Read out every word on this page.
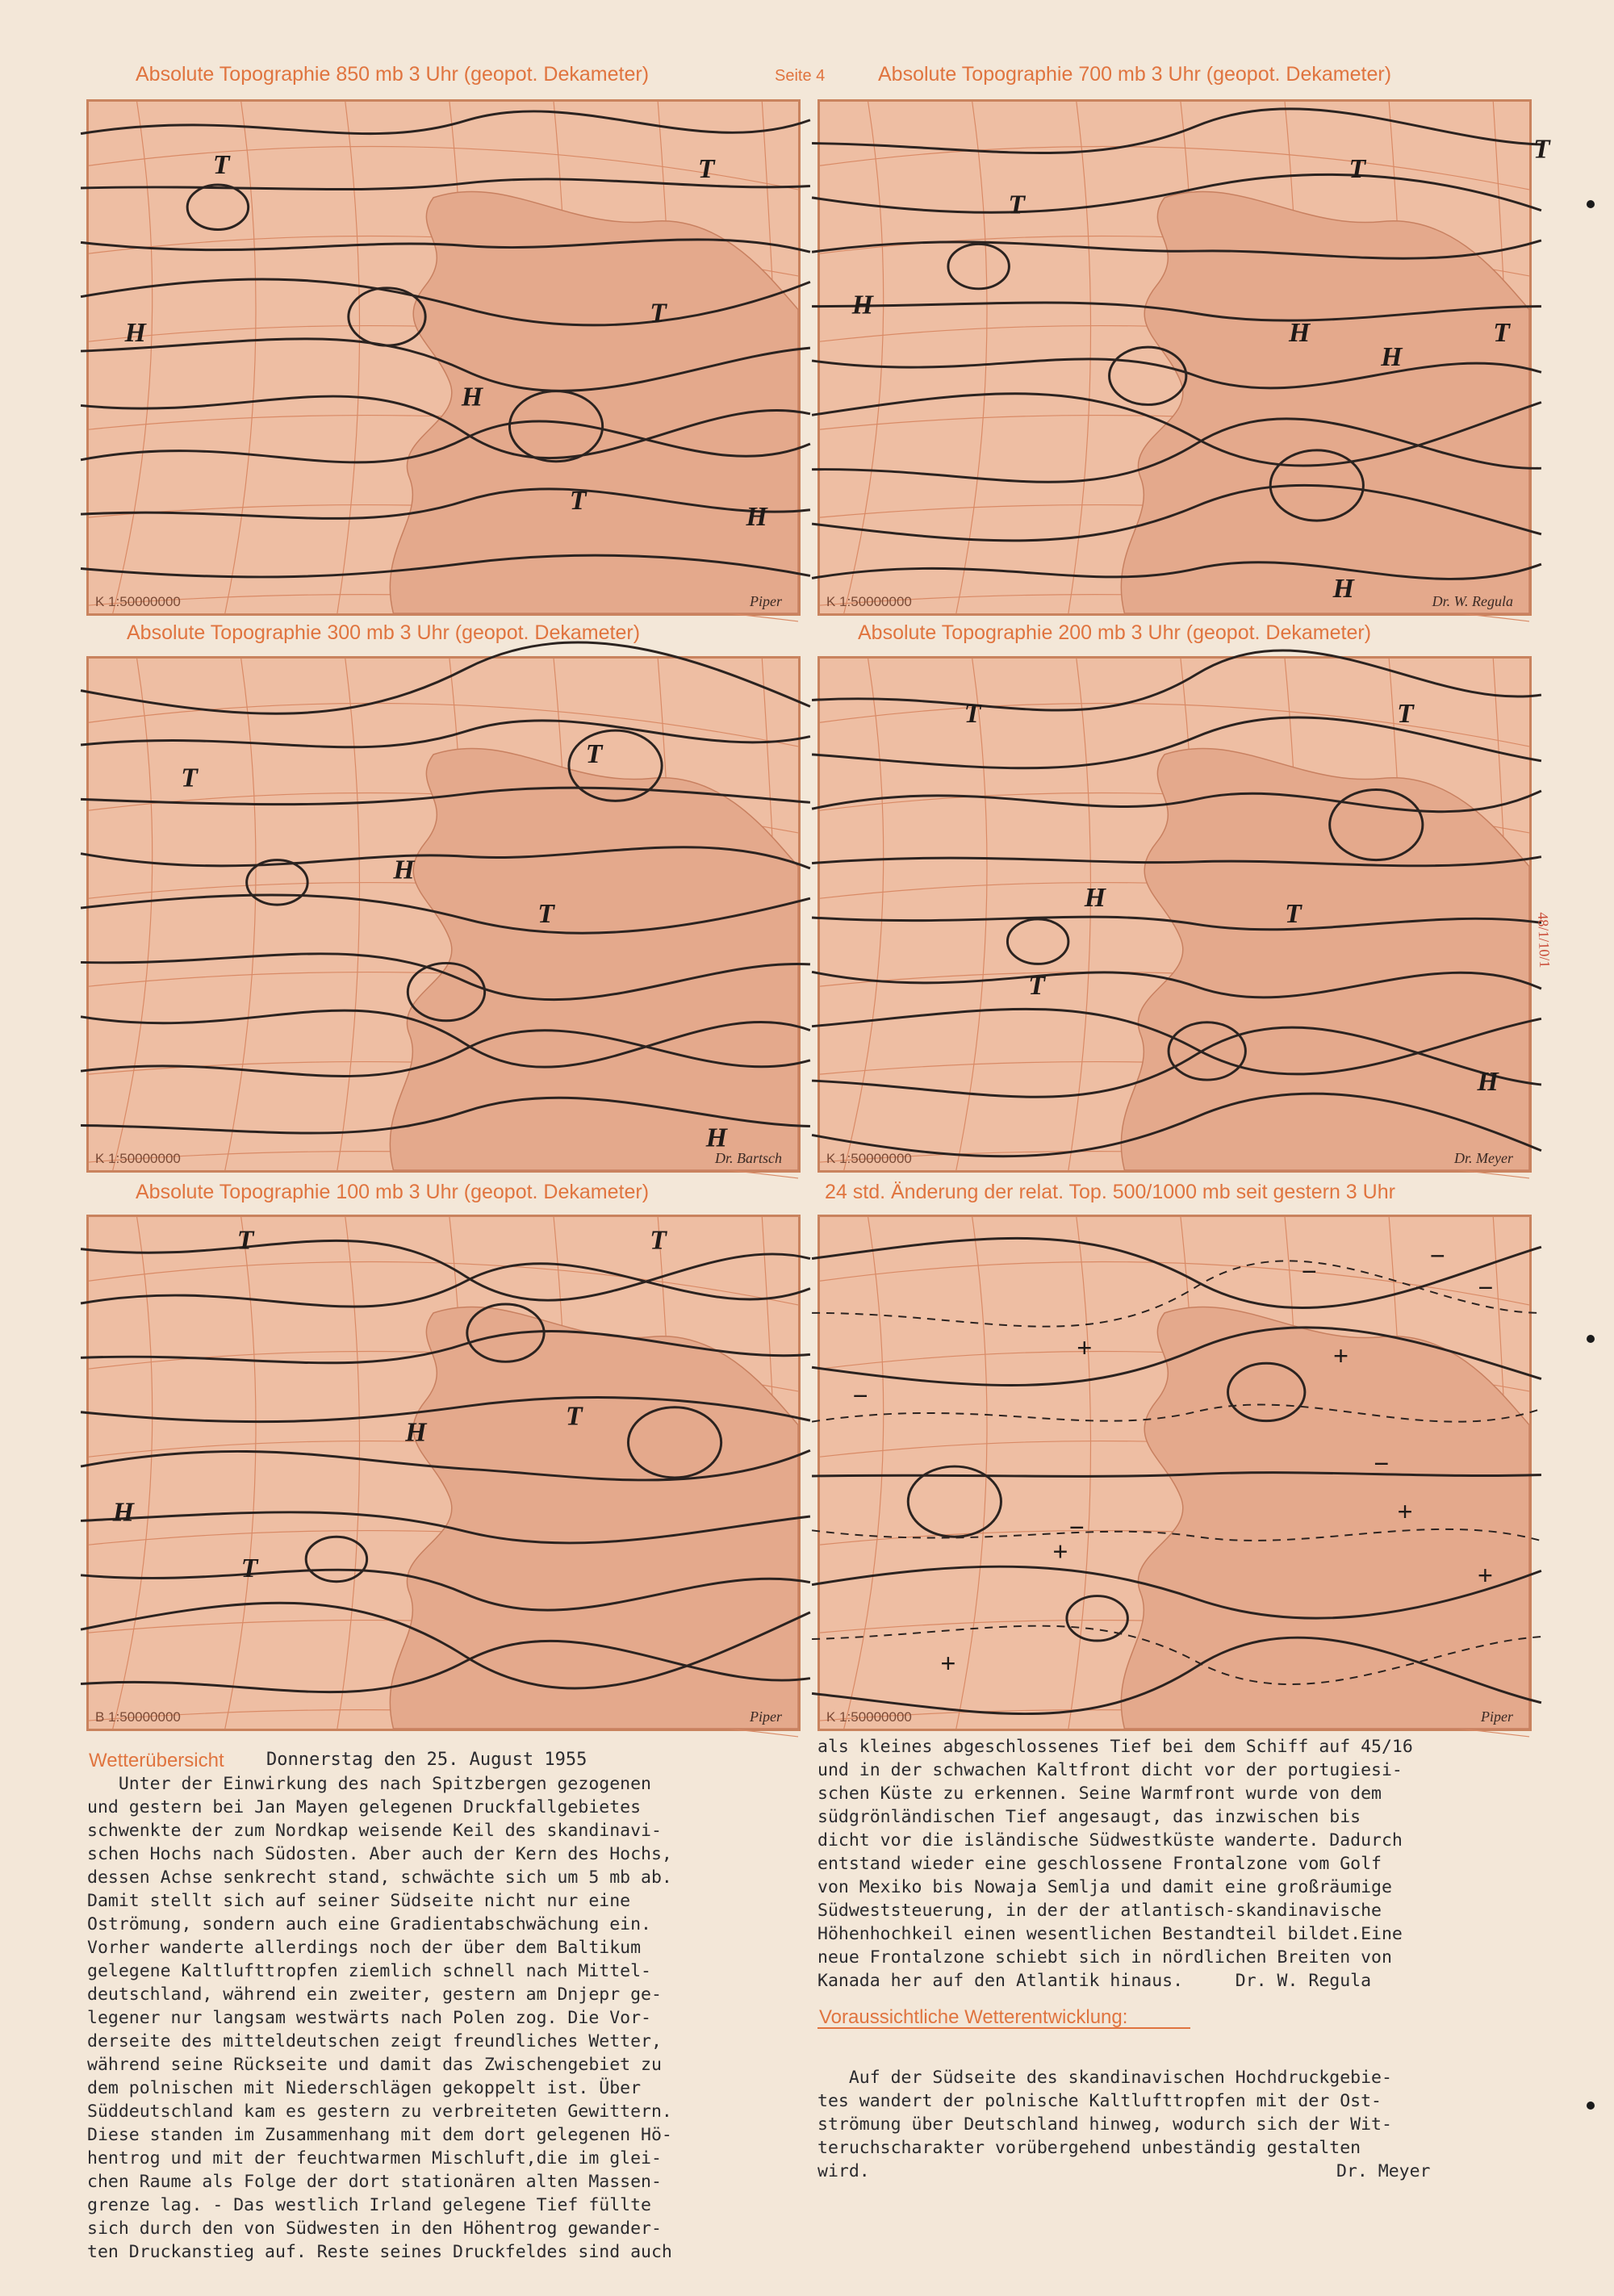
Seite 4
Absolute Topographie 850 mb 3 Uhr (geopot. Dekameter)	Absolute Topographie 700 mb 3 Uhr (geopot. Dekameter)
Absolute Topographie 300 mb 3 Uhr (geopot. Dekameter)	Absolute Topographie 200 mb 3 Uhr (geopot. Dekameter)
Absolute Topographie 100 mb 3 Uhr (geopot. Dekameter)	24 std. Änderung der relat. Top. 500/1000 mb seit gestern 3 Uhr
T
H
H
T
T
H
T
K 1:50000000	Piper
T
T
H
H
T
H
H
T
K 1:50000000	Dr. W. Regula
T
T
H
T
H
K 1:50000000	Dr. Bartsch
T	T
H
T
T
H
K 1:50000000	Dr. Meyer
T	T
T
H
T
H
B 1:50000000	Piper
+	+
+
+
+
+
−
−
−
−
−
−
K 1:50000000	Piper
Wetterübersicht Donnerstag den 25. August 1955
Unter der Einwirkung des nach Spitzbergen gezogenen
und gestern bei Jan Mayen gelegenen Druckfallgebietes
schwenkte der zum Nordkap weisende Keil des skandinavi-
schen Hochs nach Südosten. Aber auch der Kern des Hochs,
dessen Achse senkrecht stand, schwächte sich um 5 mb ab.
Damit stellt sich auf seiner Südseite nicht nur eine
Oströmung, sondern auch eine Gradientabschwächung ein.
Vorher wanderte allerdings noch der über dem Baltikum
gelegene Kaltlufttropfen ziemlich schnell nach Mittel-
deutschland, während ein zweiter, gestern am Dnjepr ge-
legener nur langsam westwärts nach Polen zog. Die Vor-
derseite des mitteldeutschen zeigt freundliches Wetter,
während seine Rückseite und damit das Zwischengebiet zu
dem polnischen mit Niederschlägen gekoppelt ist. Über
Süddeutschland kam es gestern zu verbreiteten Gewittern.
Diese standen im Zusammenhang mit dem dort gelegenen Hö-
hentrog und mit der feuchtwarmen Mischluft,die im glei-
chen Raume als Folge der dort stationären alten Massen-
grenze lag. - Das westlich Irland gelegene Tief füllte
sich durch den von Südwesten in den Höhentrog gewander-
ten Druckanstieg auf. Reste seines Druckfeldes sind auch
als kleines abgeschlossenes Tief bei dem Schiff auf 45/16
und in der schwachen Kaltfront dicht vor der portugiesi-
schen Küste zu erkennen. Seine Warmfront wurde von dem
südgrönländischen Tief angesaugt, das inzwischen bis
dicht vor die isländische Südwestküste wanderte. Dadurch
entstand wieder eine geschlossene Frontalzone vom Golf
von Mexiko bis Nowaja Semlja und damit eine großräumige
Südweststeuerung, in der der atlantisch-skandinavische
Höhenhochkeil einen wesentlichen Bestandteil bildet.Eine
neue Frontalzone schiebt sich in nördlichen Breiten von
Kanada her auf den Atlantik hinaus.     Dr. W. Regula
Voraussichtliche Wetterentwicklung:
Auf der Südseite des skandinavischen Hochdruckgebie-
tes wandert der polnische Kaltlufttropfen mit der Ost-
strömung über Deutschland hinweg, wodurch sich der Wit-
teruchscharakter vorübergehend unbeständig gestalten
wird.	Dr. Meyer
48/1/10/1
